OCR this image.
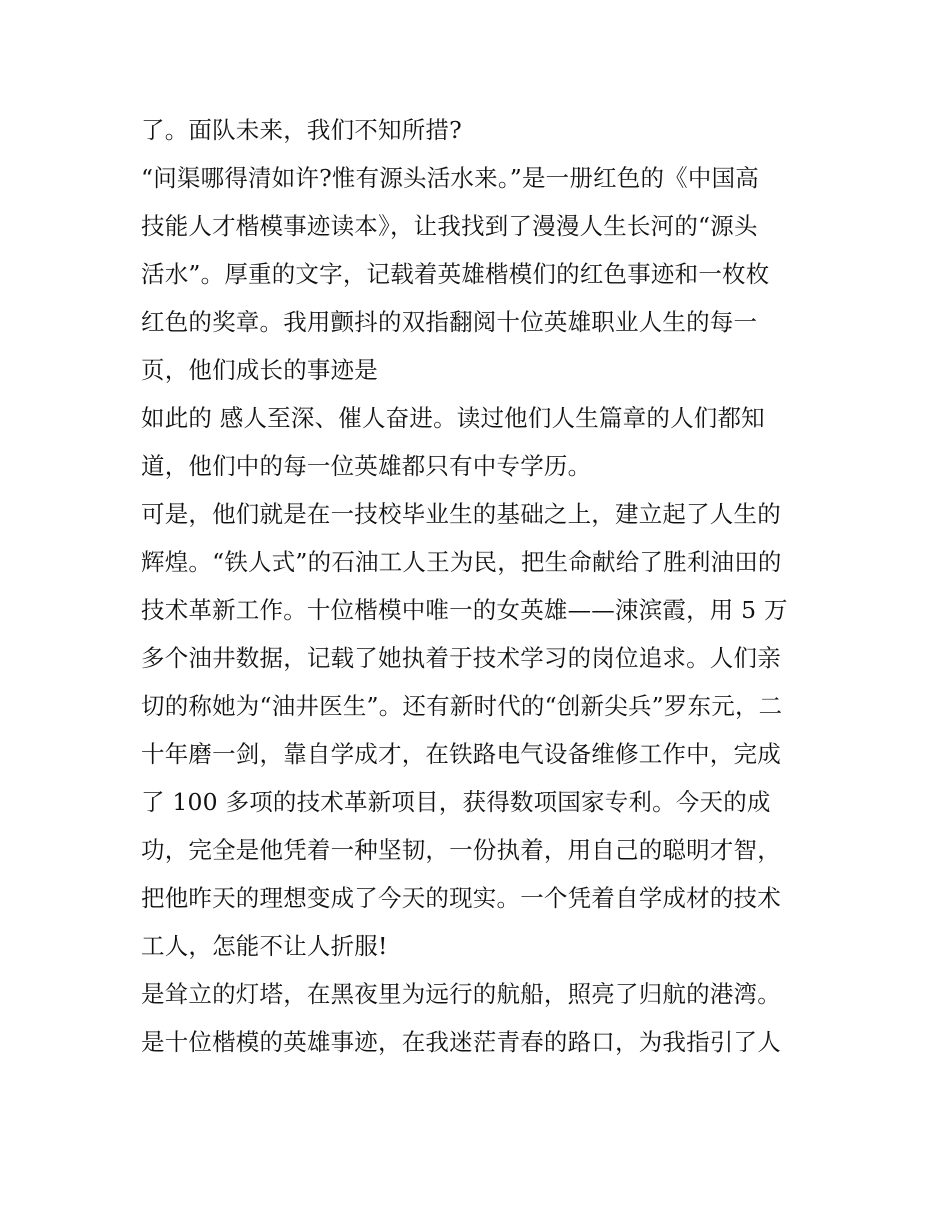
了。面队未来，我们不知所措?
“问渠哪得清如许?惟有源头活水来。”是一册红色的《中国高
技能人才楷模事迹读本》，让我找到了漫漫人生长河的“源头
活水”。厚重的文字，记载着英雄楷模们的红色事迹和一枚枚
红色的奖章。我用颤抖的双指翻阅十位英雄职业人生的每一
页，他们成长的事迹是
如此的 感人至深、催人奋进。读过他们人生篇章的人们都知
道，他们中的每一位英雄都只有中专学历。
可是，他们就是在一技校毕业生的基础之上，建立起了人生的
辉煌。“铁人式”的石油工人王为民，把生命献给了胜利油田的
技术革新工作。十位楷模中唯一的女英雄——涑滨霞，用 5 万
多个油井数据，记载了她执着于技术学习的岗位追求。人们亲
切的称她为“油井医生”。还有新时代的“创新尖兵”罗东元，二
十年磨一剑，靠自学成才，在铁路电气设备维修工作中，完成
了 100 多项的技术革新项目，获得数项国家专利。今天的成
功，完全是他凭着一种坚韧，一份执着，用自己的聪明才智，
把他昨天的理想变成了今天的现实。一个凭着自学成材的技术
工人，怎能不让人折服!
是耸立的灯塔，在黑夜里为远行的航船，照亮了归航的港湾。
是十位楷模的英雄事迹，在我迷茫青春的路口，为我指引了人
